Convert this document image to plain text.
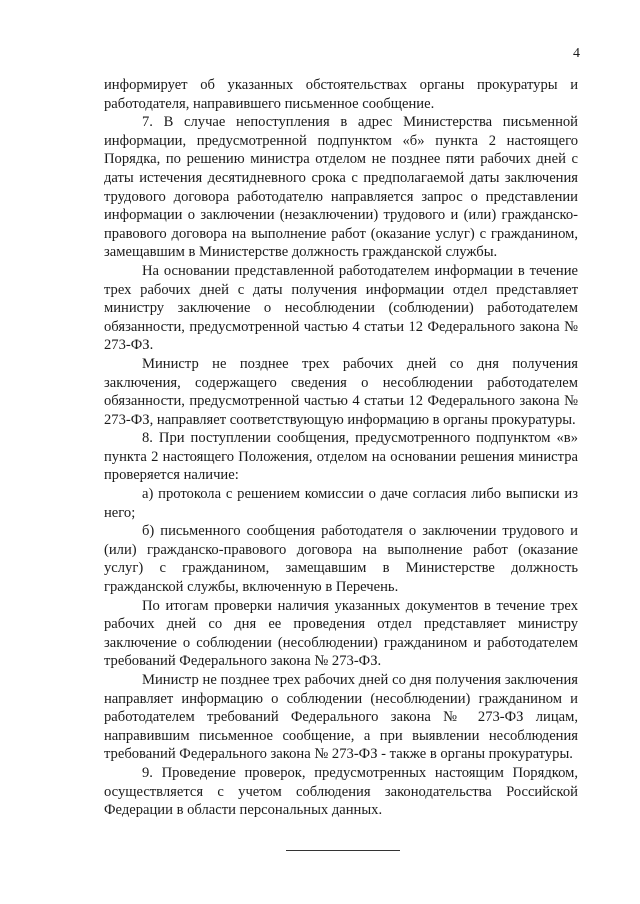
4

информирует об указанных обстоятельствах органы прокуратуры и работодателя, направившего письменное сообщение.

7. В случае непоступления в адрес Министерства письменной информации, предусмотренной подпунктом «б» пункта 2 настоящего Порядка, по решению министра отделом не позднее пяти рабочих дней с даты истечения десятидневного срока с предполагаемой даты заключения трудового договора работодателю направляется запрос о представлении информации о заключении (незаключении) трудового и (или) гражданско-правового договора на выполнение работ (оказание услуг) с гражданином, замещавшим в Министерстве должность гражданской службы.

На основании представленной работодателем информации в течение трех рабочих дней с даты получения информации отдел представляет министру заключение о несоблюдении (соблюдении) работодателем обязанности, предусмотренной частью 4 статьи 12 Федерального закона № 273-ФЗ.

Министр не позднее трех рабочих дней со дня получения заключения, содержащего сведения о несоблюдении работодателем обязанности, предусмотренной частью 4 статьи 12 Федерального закона № 273-ФЗ, направляет соответствующую информацию в органы прокуратуры.

8. При поступлении сообщения, предусмотренного подпунктом «в» пункта 2 настоящего Положения, отделом на основании решения министра проверяется наличие:

а) протокола с решением комиссии о даче согласия либо выписки из него;

б) письменного сообщения работодателя о заключении трудового и (или) гражданско-правового договора на выполнение работ (оказание услуг) с гражданином, замещавшим в Министерстве должность гражданской службы, включенную в Перечень.

По итогам проверки наличия указанных документов в течение трех рабочих дней со дня ее проведения отдел представляет министру заключение о соблюдении (несоблюдении) гражданином и работодателем требований Федерального закона № 273-ФЗ.

Министр не позднее трех рабочих дней со дня получения заключения направляет информацию о соблюдении (несоблюдении) гражданином и работодателем требований Федерального закона № 273-ФЗ лицам, направившим письменное сообщение, а при выявлении несоблюдения требований Федерального закона № 273-ФЗ - также в органы прокуратуры.

9. Проведение проверок, предусмотренных настоящим Порядком, осуществляется с учетом соблюдения законодательства Российской Федерации в области персональных данных.
